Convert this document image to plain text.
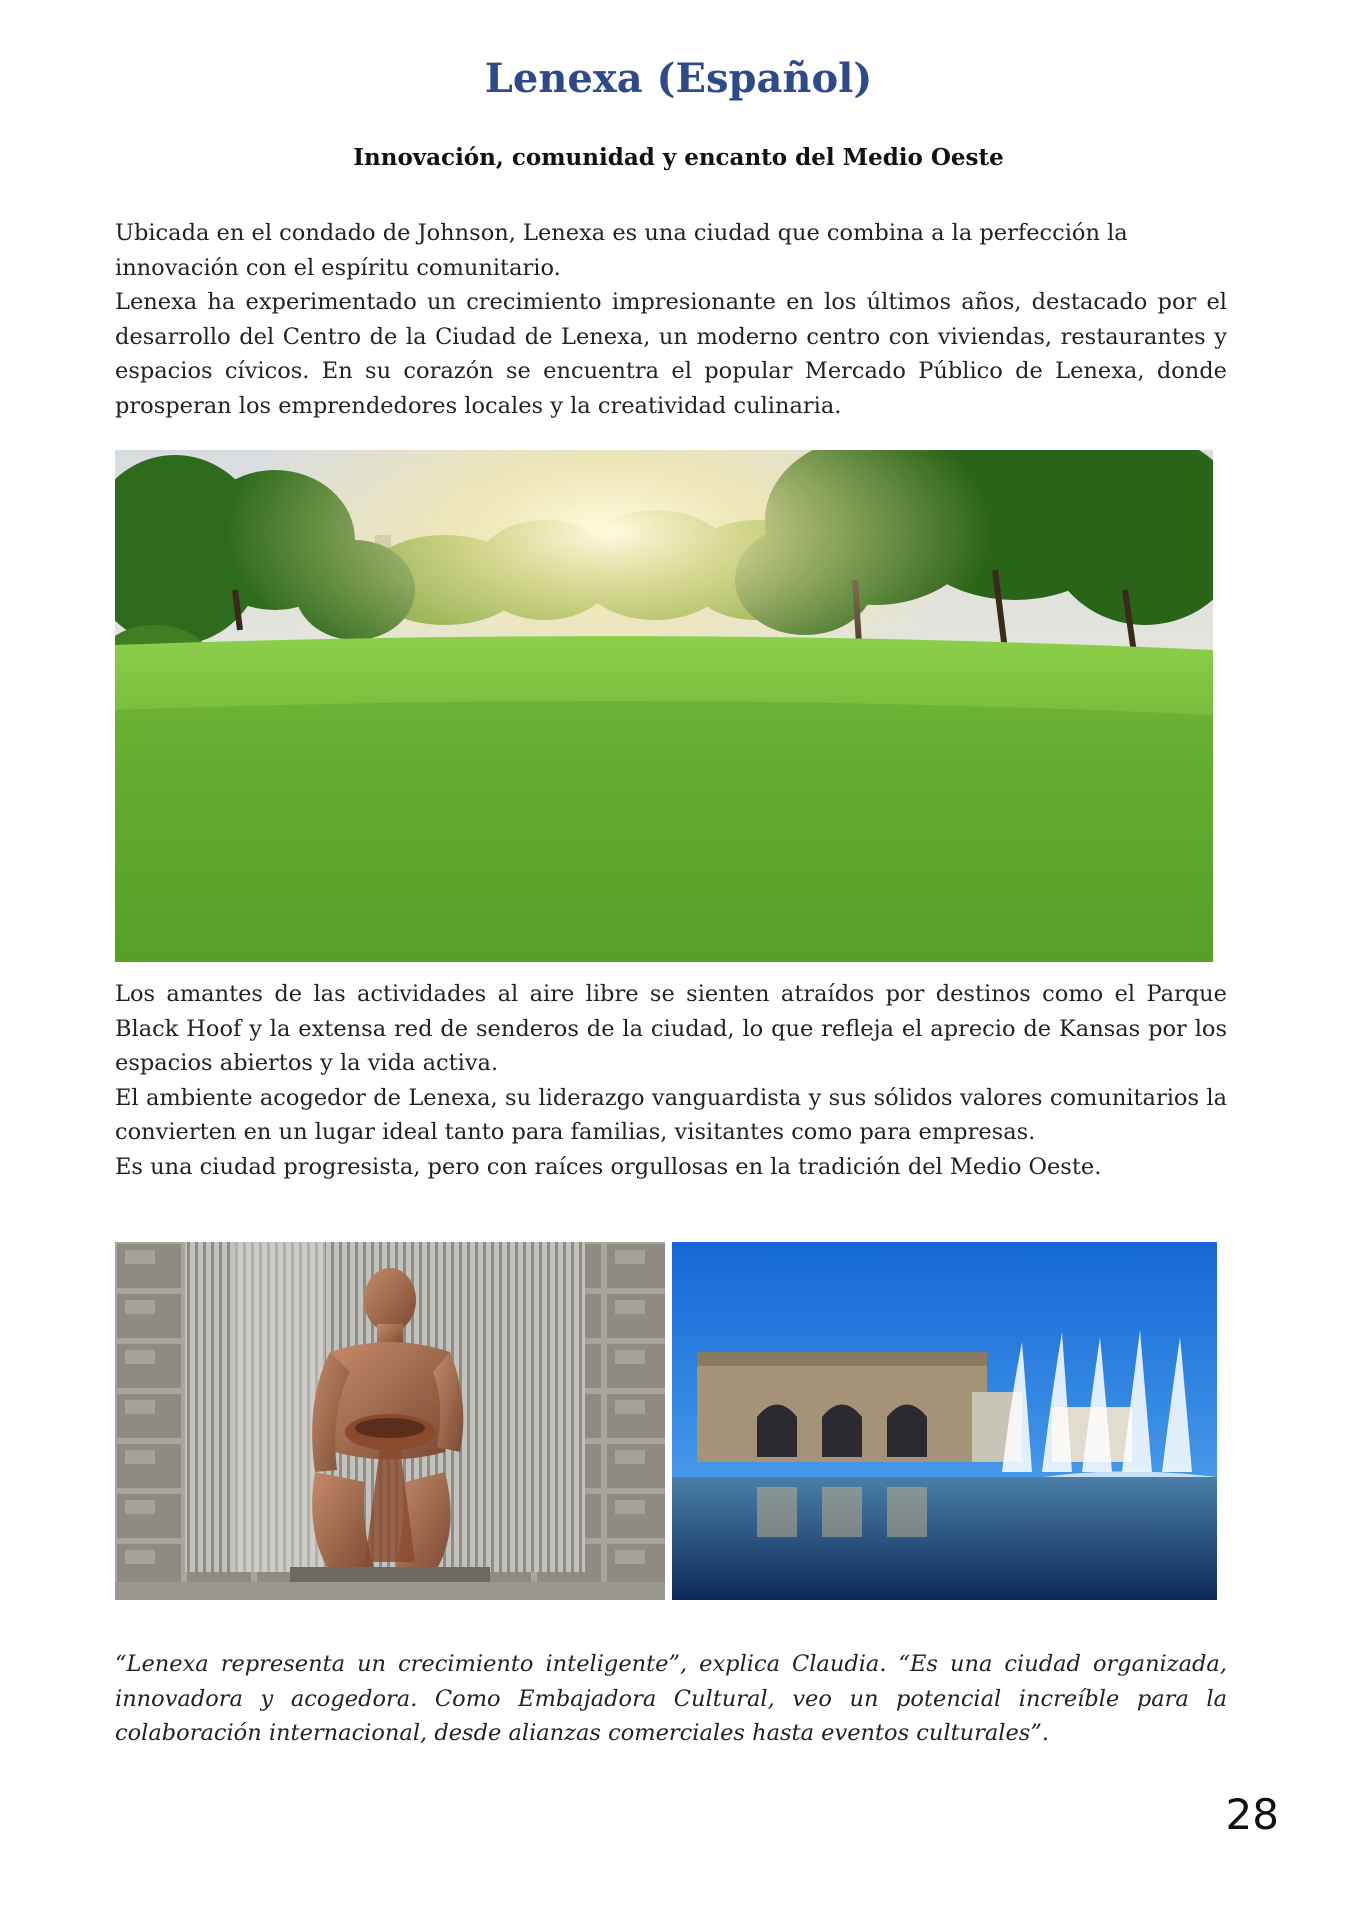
Lenexa (Español)
Innovación, comunidad y encanto del Medio Oeste

Ubicada en el condado de Johnson, Lenexa es una ciudad que combina a la perfección la innovación con el espíritu comunitario.

Lenexa ha experimentado un crecimiento impresionante en los últimos años, destacado por el desarrollo del Centro de la Ciudad de Lenexa, un moderno centro con viviendas, restaurantes y espacios cívicos. En su corazón se encuentra el popular Mercado Público de Lenexa, donde prosperan los emprendedores locales y la creatividad culinaria.

Los amantes de las actividades al aire libre se sienten atraídos por destinos como el Parque Black Hoof y la extensa red de senderos de la ciudad, lo que refleja el aprecio de Kansas por los espacios abiertos y la vida activa.

El ambiente acogedor de Lenexa, su liderazgo vanguardista y sus sólidos valores comunitarios la convierten en un lugar ideal tanto para familias, visitantes como para empresas.

Es una ciudad progresista, pero con raíces orgullosas en la tradición del Medio Oeste.

“Lenexa representa un crecimiento inteligente”, explica Claudia. “Es una ciudad organizada, innovadora y acogedora. Como Embajadora Cultural, veo un potencial increíble para la colaboración internacional, desde alianzas comerciales hasta eventos culturales”.

28
